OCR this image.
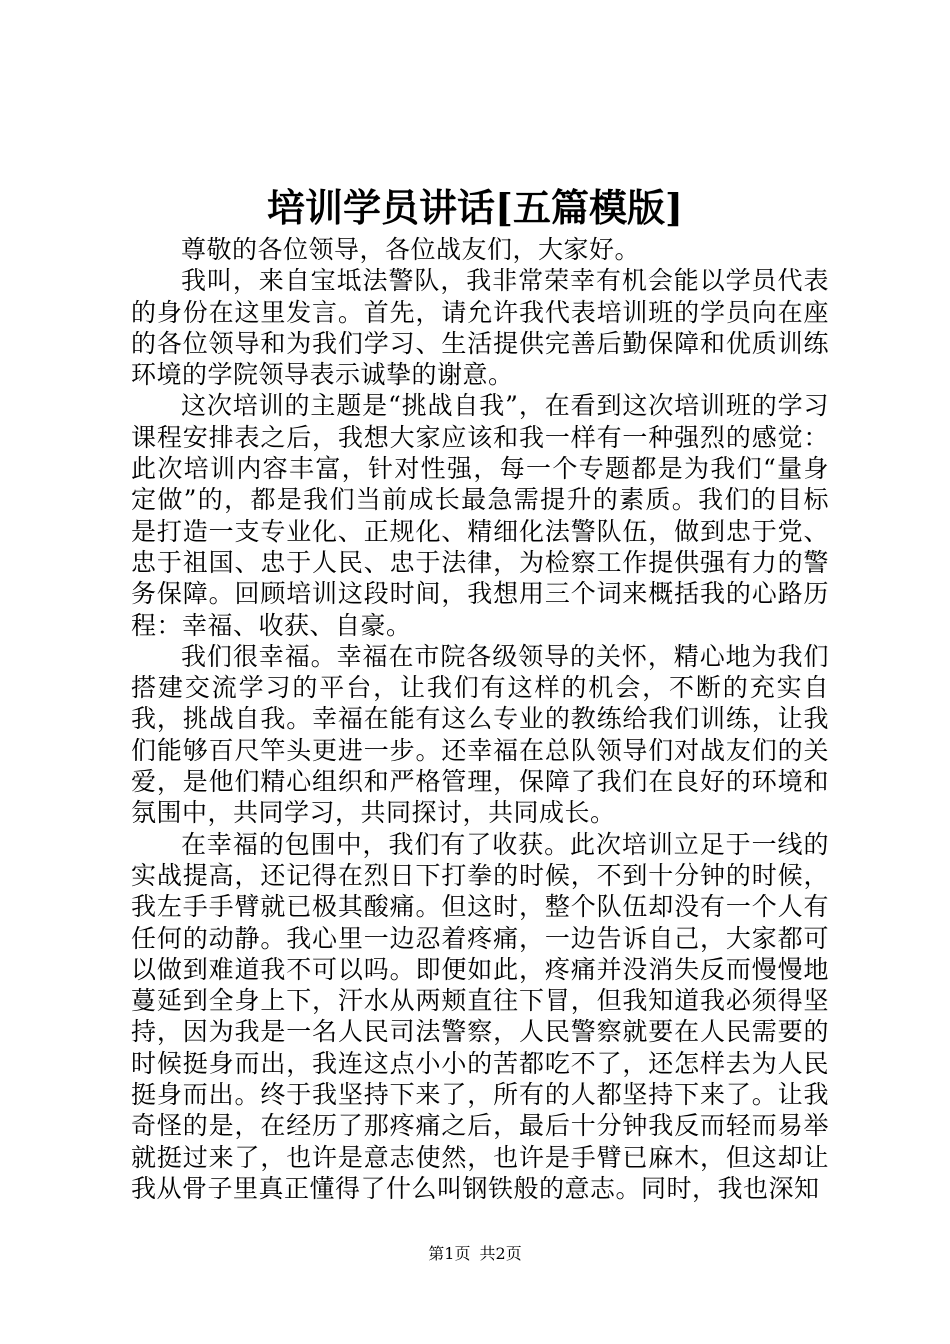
培训学员讲话[五篇模版]

尊敬的各位领导，各位战友们，大家好。

我叫，来自宝坻法警队，我非常荣幸有机会能以学员代表的身份在这里发言。首先，请允许我代表培训班的学员向在座的各位领导和为我们学习、生活提供完善后勤保障和优质训练环境的学院领导表示诚挚的谢意。

这次培训的主题是“挑战自我”，在看到这次培训班的学习课程安排表之后，我想大家应该和我一样有一种强烈的感觉：此次培训内容丰富，针对性强，每一个专题都是为我们“量身定做”的，都是我们当前成长最急需提升的素质。我们的目标是打造一支专业化、正规化、精细化法警队伍，做到忠于党、忠于祖国、忠于人民、忠于法律，为检察工作提供强有力的警务保障。回顾培训这段时间，我想用三个词来概括我的心路历程：幸福、收获、自豪。

我们很幸福。幸福在市院各级领导的关怀，精心地为我们搭建交流学习的平台，让我们有这样的机会，不断的充实自我，挑战自我。幸福在能有这么专业的教练给我们训练，让我们能够百尺竿头更进一步。还幸福在总队领导们对战友们的关爱，是他们精心组织和严格管理，保障了我们在良好的环境和氛围中，共同学习，共同探讨，共同成长。

在幸福的包围中，我们有了收获。此次培训立足于一线的实战提高，还记得在烈日下打拳的时候，不到十分钟的时候，我左手手臂就已极其酸痛。但这时，整个队伍却没有一个人有任何的动静。我心里一边忍着疼痛，一边告诉自己，大家都可以做到难道我不可以吗。即便如此，疼痛并没消失反而慢慢地蔓延到全身上下，汗水从两颊直往下冒，但我知道我必须得坚持，因为我是一名人民司法警察，人民警察就要在人民需要的时候挺身而出，我连这点小小的苦都吃不了，还怎样去为人民挺身而出。终于我坚持下来了，所有的人都坚持下来了。让我奇怪的是，在经历了那疼痛之后，最后十分钟我反而轻而易举就挺过来了，也许是意志使然，也许是手臂已麻木，但这却让我从骨子里真正懂得了什么叫钢铁般的意志。同时，我也深知

第1页 共2页
